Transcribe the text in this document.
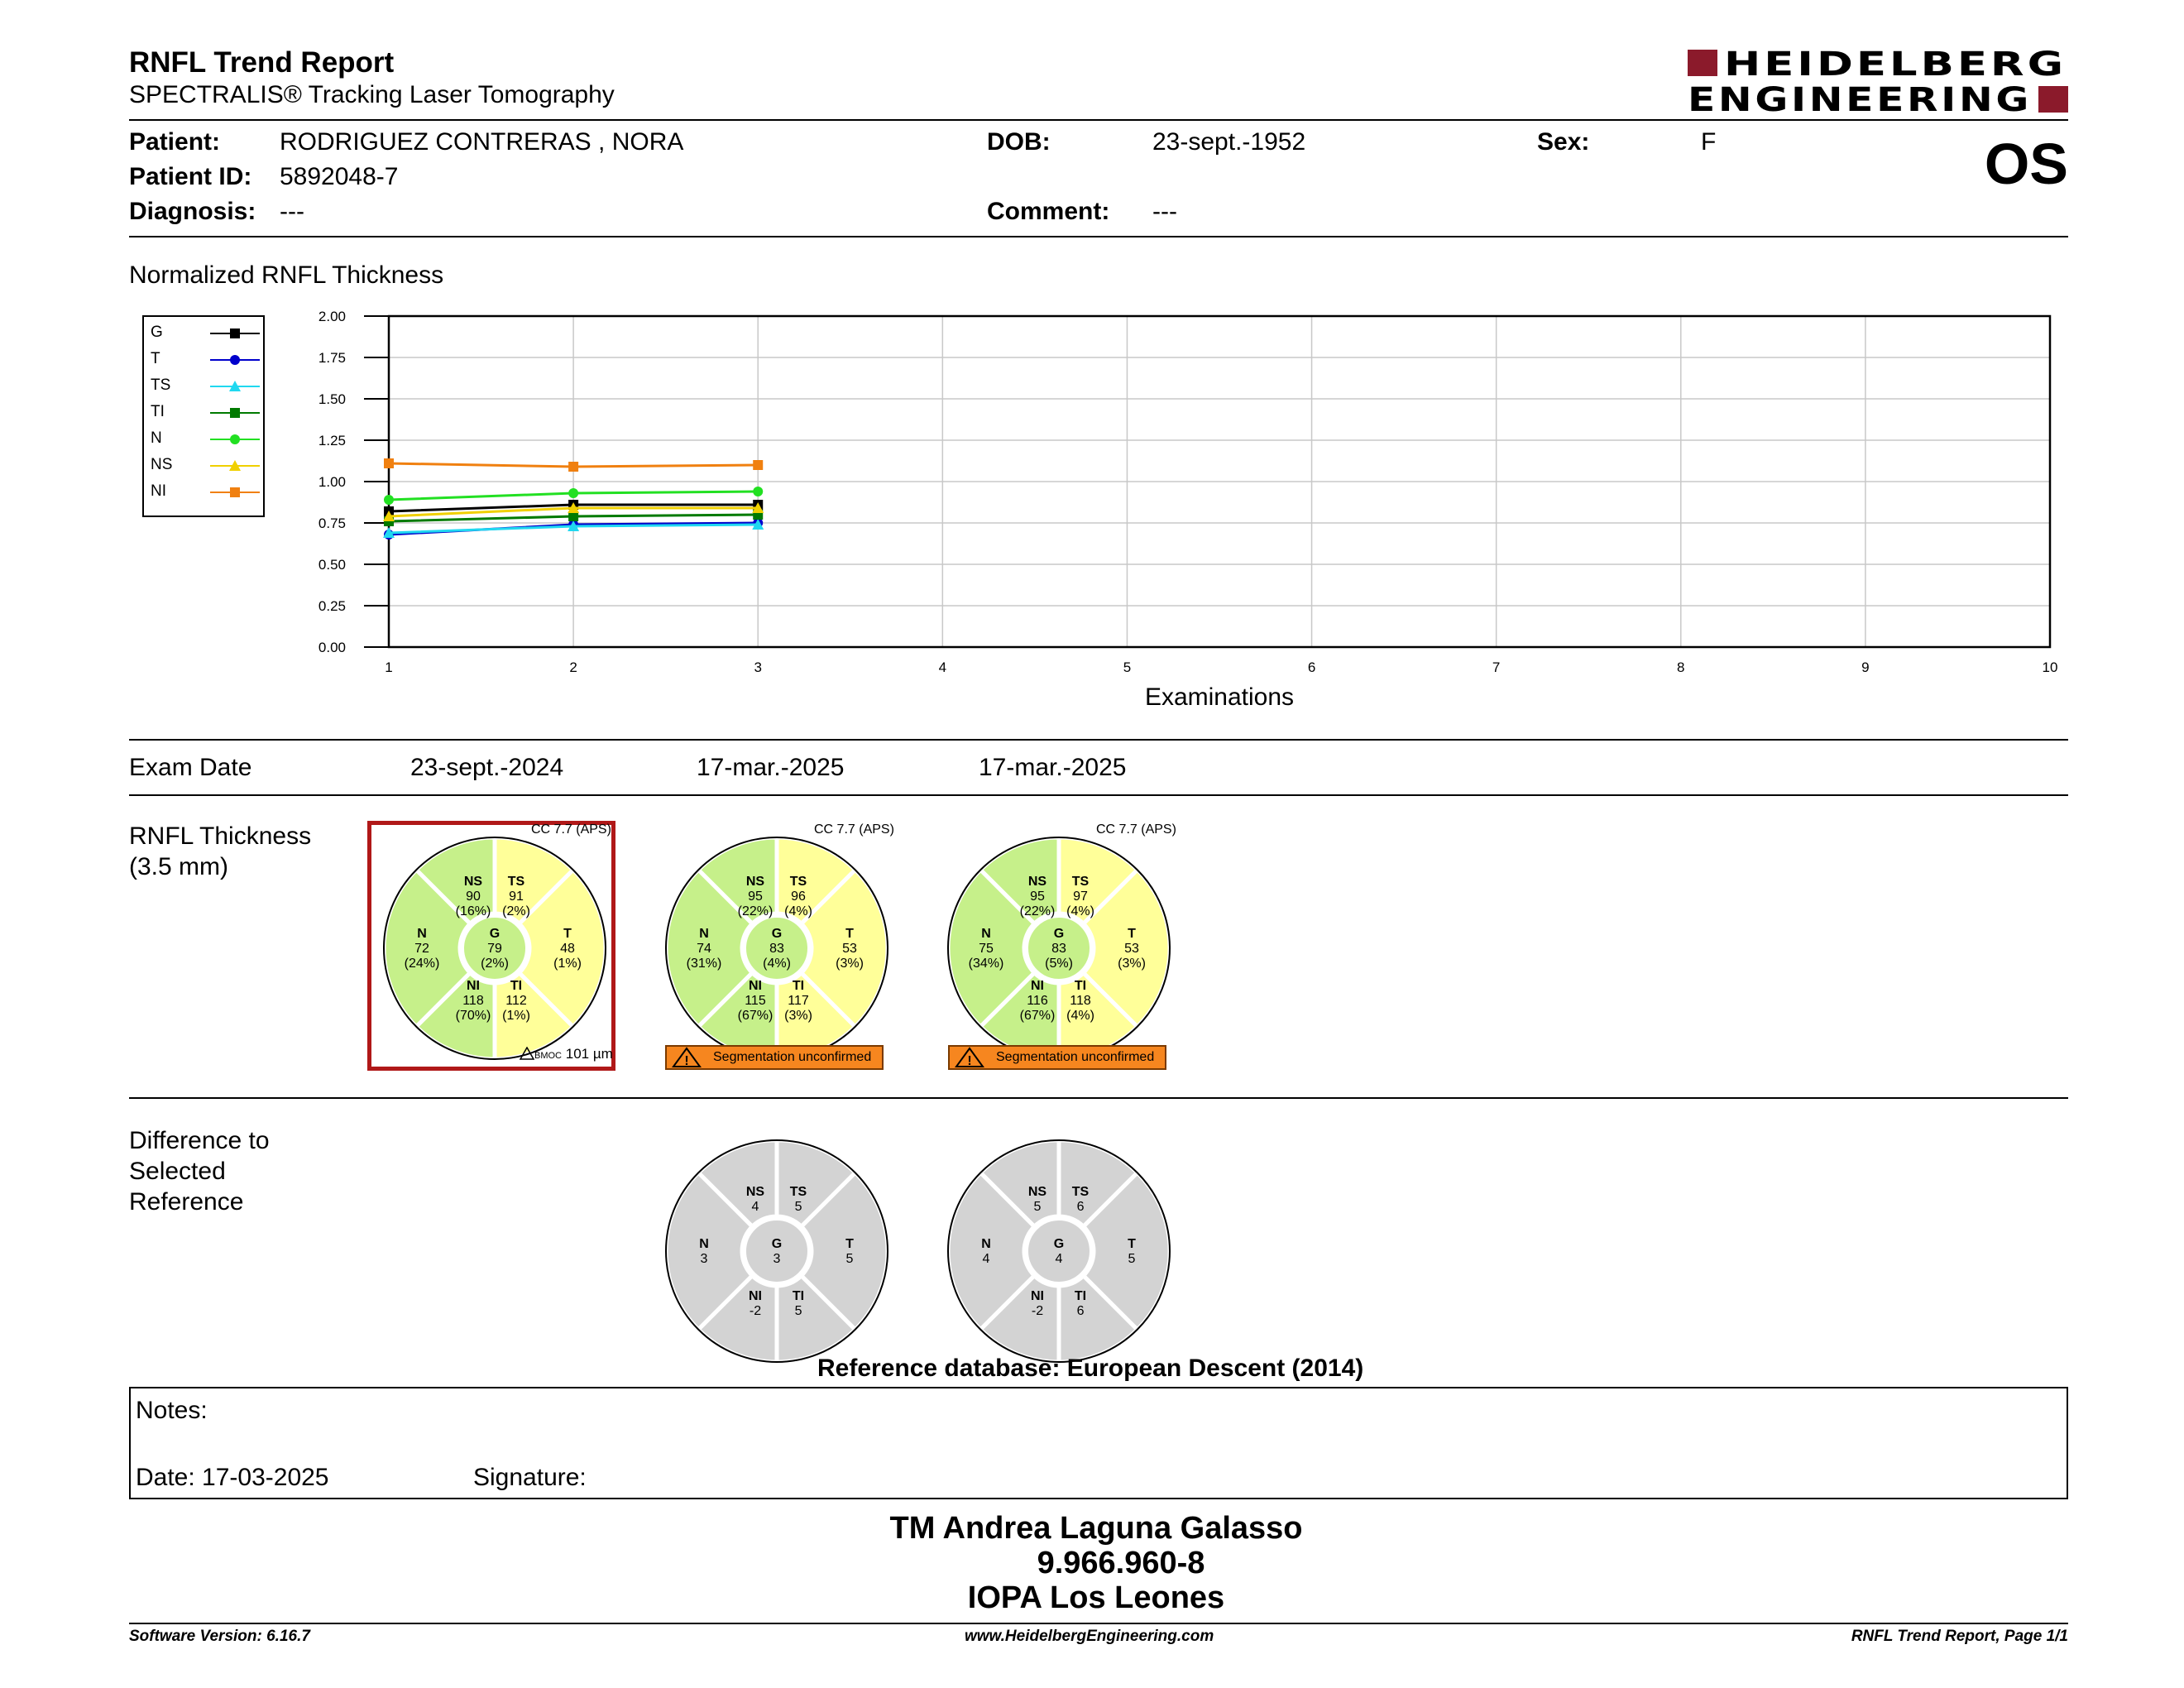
RNFL Trend Report
SPECTRALIS® Tracking Laser Tomography
HEIDELBERG
ENGINEERING
Patient: RODRIGUEZ CONTRERAS , NORA	DOB:	23-sept.-1952	Sex:	F
Patient ID: 5892048-7
Diagnosis: ---	Comment: ---
OS
Normalized RNFL Thickness
G
T
TS
TI
N
NS
NI
0.00
0.25
0.50
0.75
1.00
1.25
1.50
1.75
2.00
1	2	3	4	5	6	7	8	9	10
Examinations
Exam Date	23-sept.-2024	17-mar.-2025	17-mar.-2025
RNFL Thickness
(3.5 mm)
CC 7.7 (APS)	CC 7.7 (APS)	CC 7.7 (APS)
TS
91
(2%)
NS
90
(16%)
N
72
(24%)
NI
118
(70%)
TI
112
(1%)
T
48
(1%)
G
79
(2%)
TS
96
(4%)
NS
95
(22%)
N
74
(31%)
NI
115
(67%)
TI
117
(3%)
T
53
(3%)
G
83
(4%)
TS
97
(4%)
NS
95
(22%)
N
75
(34%)
NI
116
(67%)
TI
118
(4%)
T
53
(3%)
G
83
(5%)
BMOC 101 µm	! Segmentation unconfirmed	! Segmentation unconfirmed
Difference to
Selected
Reference	TS
5
NS
4
N
3
NI
-2
TI
5
T
5
G
3
TS
6
NS
5
N
4
NI
-2
TI
6
T
5
G
4
Reference database: European Descent (2014)
Notes:
Date: 17-03-2025	Signature:
TM Andrea Laguna Galasso
9.966.960-8
IOPA Los Leones
Software Version: 6.16.7	www.HeidelbergEngineering.com	RNFL Trend Report, Page 1/1
